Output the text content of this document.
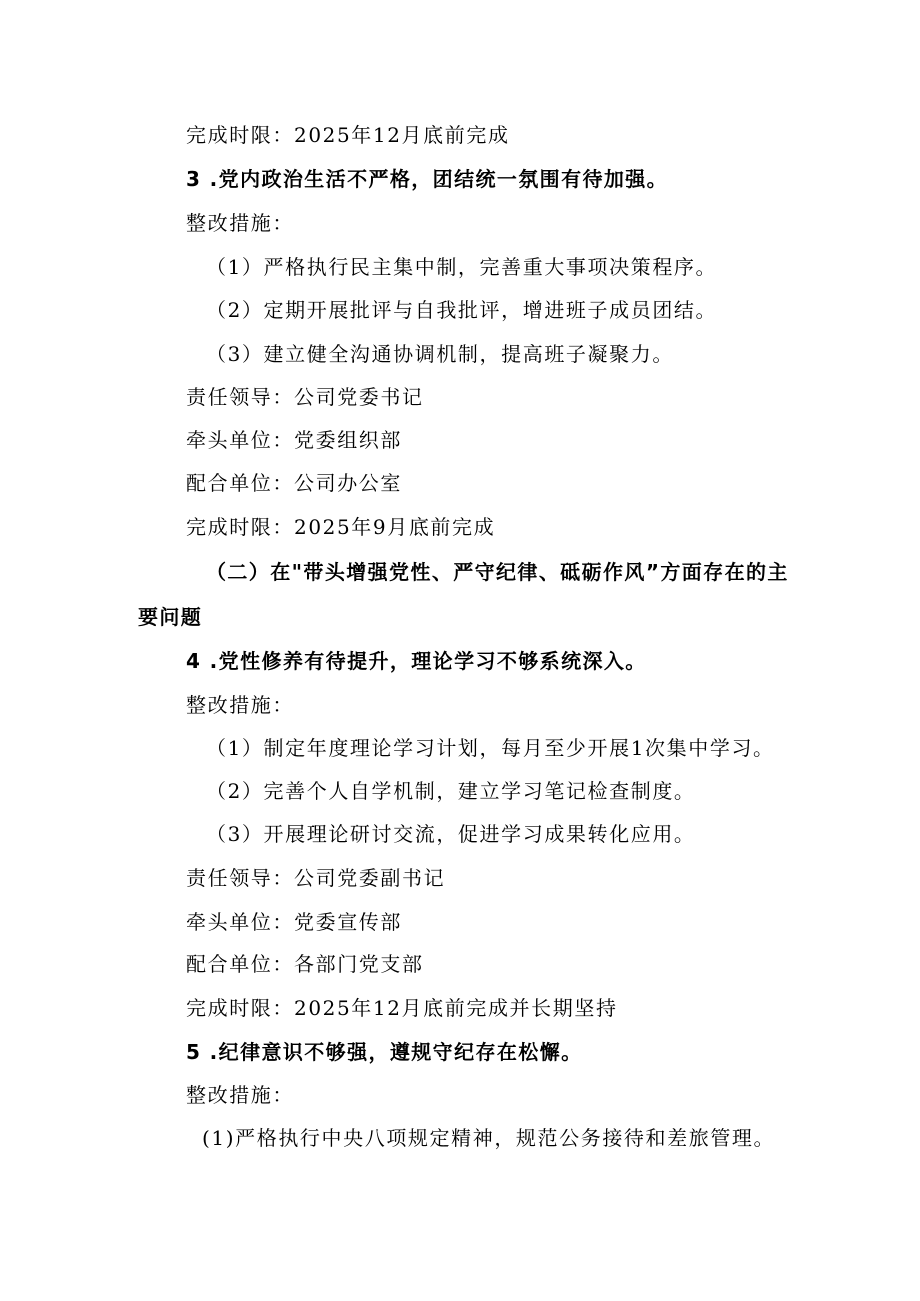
完成时限：2025年12月底前完成
3 .党内政治生活不严格，团结统一氛围有待加强。
整改措施：
（1）严格执行民主集中制，完善重大事项决策程序。
（2）定期开展批评与自我批评，增进班子成员团结。
（3）建立健全沟通协调机制，提高班子凝聚力。
责任领导：公司党委书记
牵头单位：党委组织部
配合单位：公司办公室
完成时限：2025年9月底前完成
（二）在"带头增强党性、严守纪律、砥砺作风”方面存在的主
要问题
4 .党性修养有待提升，理论学习不够系统深入。
整改措施：
（1）制定年度理论学习计划，每月至少开展1次集中学习。
（2）完善个人自学机制，建立学习笔记检查制度。
（3）开展理论研讨交流，促进学习成果转化应用。
责任领导：公司党委副书记
牵头单位：党委宣传部
配合单位：各部门党支部
完成时限：2025年12月底前完成并长期坚持
5 .纪律意识不够强，遵规守纪存在松懈。
整改措施：
(1)严格执行中央八项规定精神，规范公务接待和差旅管理。
